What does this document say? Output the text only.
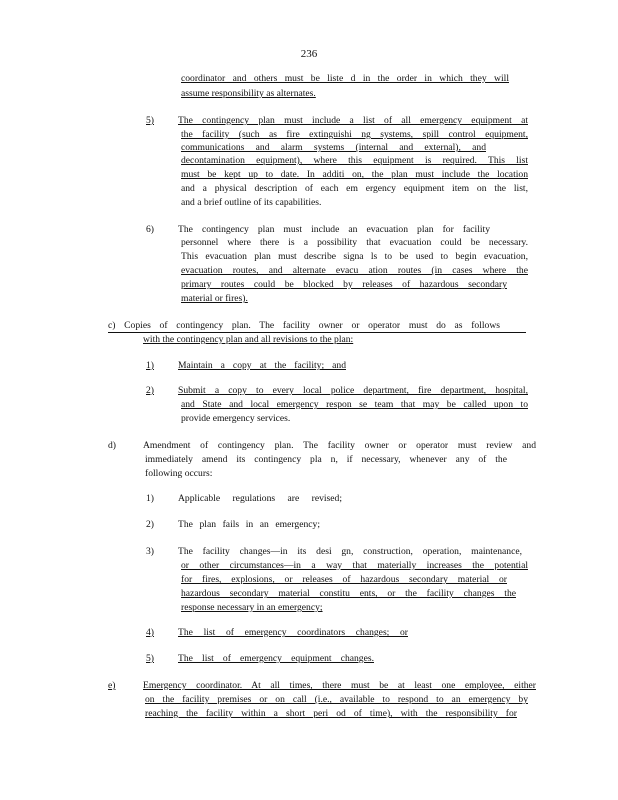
236
coordinator and others must be liste d in the order in which they will
assume responsibility as alternates.
5)	The contingency plan must include a list of all emergency equipment at
the facility (such as fire extinguishi ng systems, spill control equipment,
communications and alarm systems (internal and external), and
decontamination equipment), where this equipment is required. This list
must be kept up to date. In additi on, the plan must include the location
and a physical description of each em ergency equipment item on the list,
and a brief outline of its capabilities.
6)	The contingency plan must include an evacuation plan for facility
personnel where there is a possibility that evacuation could be necessary.
This evacuation plan must describe signa ls to be used to begin evacuation,
evacuation routes, and alternate evacu ation routes (in cases where the
primary routes could be blocked by releases of hazardous secondary
material or fires).
c) Copies of contingency plan. The facility owner or operator must do as follows
with the contingency plan and all revisions to the plan:
1)	Maintain a copy at the facility; and
2)	Submit a copy to every local police department, fire department, hospital,
and State and local emergency respon se team that may be called upon to
provide emergency services.
d)	Amendment of contingency plan. The facility owner or operator must review and
immediately amend its contingency pla n, if necessary, whenever any of the
following occurs:
1)	Applicable regulations are revised;
2)	The plan fails in an emergency;
3)	The facility changes—in its desi gn, construction, operation, maintenance,
or other circumstances—in a way that materially increases the potential
for fires, explosions, or releases of hazardous secondary material or
hazardous secondary material constitu ents, or the facility changes the
response necessary in an emergency;
4)	The list of emergency coordinators changes; or
5)	The list of emergency equipment changes.
e)	Emergency coordinator. At all times, there must be at least one employee, either
on the facility premises or on call (i.e., available to respond to an emergency by
reaching the facility within a short peri od of time), with the responsibility for
